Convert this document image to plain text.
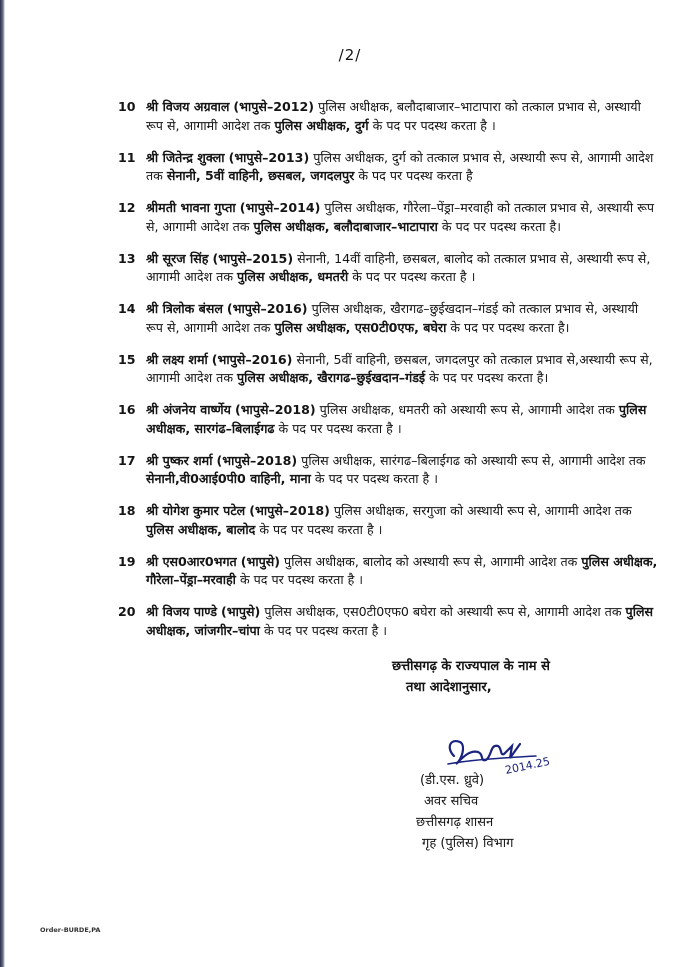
/2/
10 श्री विजय अग्रवाल (भापुसे–2012) पुलिस अधीक्षक, बलौदाबाजार–भाटापारा को तत्काल प्रभाव से, अस्थायी रूप से, आगामी आदेश तक पुलिस अधीक्षक, दुर्ग के पद पर पदस्थ करता है ।
11 श्री जितेन्द्र शुक्ला (भापुसे–2013) पुलिस अधीक्षक, दुर्ग को तत्काल प्रभाव से, अस्थायी रूप से, आगामी आदेश तक सेनानी, 5वीं वाहिनी, छसबल, जगदलपुर के पद पर पदस्थ करता है
12 श्रीमती भावना गुप्ता (भापुसे–2014) पुलिस अधीक्षक, गौरेला–पेंड्रा–मरवाही को तत्काल प्रभाव से, अस्थायी रूप से, आगामी आदेश तक पुलिस अधीक्षक, बलौदाबाजार–भाटापारा के पद पर पदस्थ करता है।
13 श्री सूरज सिंह (भापुसे–2015) सेनानी, 14वीं वाहिनी, छसबल, बालोद को तत्काल प्रभाव से, अस्थायी रूप से, आगामी आदेश तक पुलिस अधीक्षक, धमतरी के पद पर पदस्थ करता है ।
14 श्री त्रिलोक बंसल (भापुसे–2016) पुलिस अधीक्षक, खैरागढ–छुईखदान–गंडई को तत्काल प्रभाव से, अस्थायी रूप से, आगामी आदेश तक पुलिस अधीक्षक, एस0टी0एफ, बघेरा के पद पर पदस्थ करता है।
15 श्री लक्ष्य शर्मा (भापुसे–2016) सेनानी, 5वीं वाहिनी, छसबल, जगदलपुर को तत्काल प्रभाव से,अस्थायी रूप से, आगामी आदेश तक पुलिस अधीक्षक, खैरागढ–छुईखदान–गंडई के पद पर पदस्थ करता है।
16 श्री अंजनेय वार्ष्णेय (भापुसे–2018) पुलिस अधीक्षक, धमतरी को अस्थायी रूप से, आगामी आदेश तक पुलिस अधीक्षक, सारगंढ–बिलाईगढ के पद पर पदस्थ करता है ।
17 श्री पुष्कर शर्मा (भापुसे–2018) पुलिस अधीक्षक, सारंगढ–बिलाईगढ को अस्थायी रूप से, आगामी आदेश तक सेनानी,वी0आई0पी0 वाहिनी, माना के पद पर पदस्थ करता है ।
18 श्री योगेश कुमार पटेल (भापुसे–2018) पुलिस अधीक्षक, सरगुजा को अस्थायी रूप से, आगामी आदेश तक पुलिस अधीक्षक, बालोद के पद पर पदस्थ करता है ।
19 श्री एस0आर0भगत (भापुसे) पुलिस अधीक्षक, बालोद को अस्थायी रूप से, आगामी आदेश तक पुलिस अधीक्षक, गौरेला–पेंड्रा–मरवाही के पद पर पदस्थ करता है ।
20 श्री विजय पाण्डे (भापुसे) पुलिस अधीक्षक, एस0टी0एफ0 बघेरा को अस्थायी रूप से, आगामी आदेश तक पुलिस अधीक्षक, जांजगीर–चांपा के पद पर पदस्थ करता है ।
छत्तीसगढ़ के राज्यपाल के नाम से
तथा आदेशानुसार,
2014.25
(डी.एस. ध्रुवे)
अवर सचिव
छत्तीसगढ़ शासन
गृह (पुलिस) विभाग
Order-BURDE,PA
